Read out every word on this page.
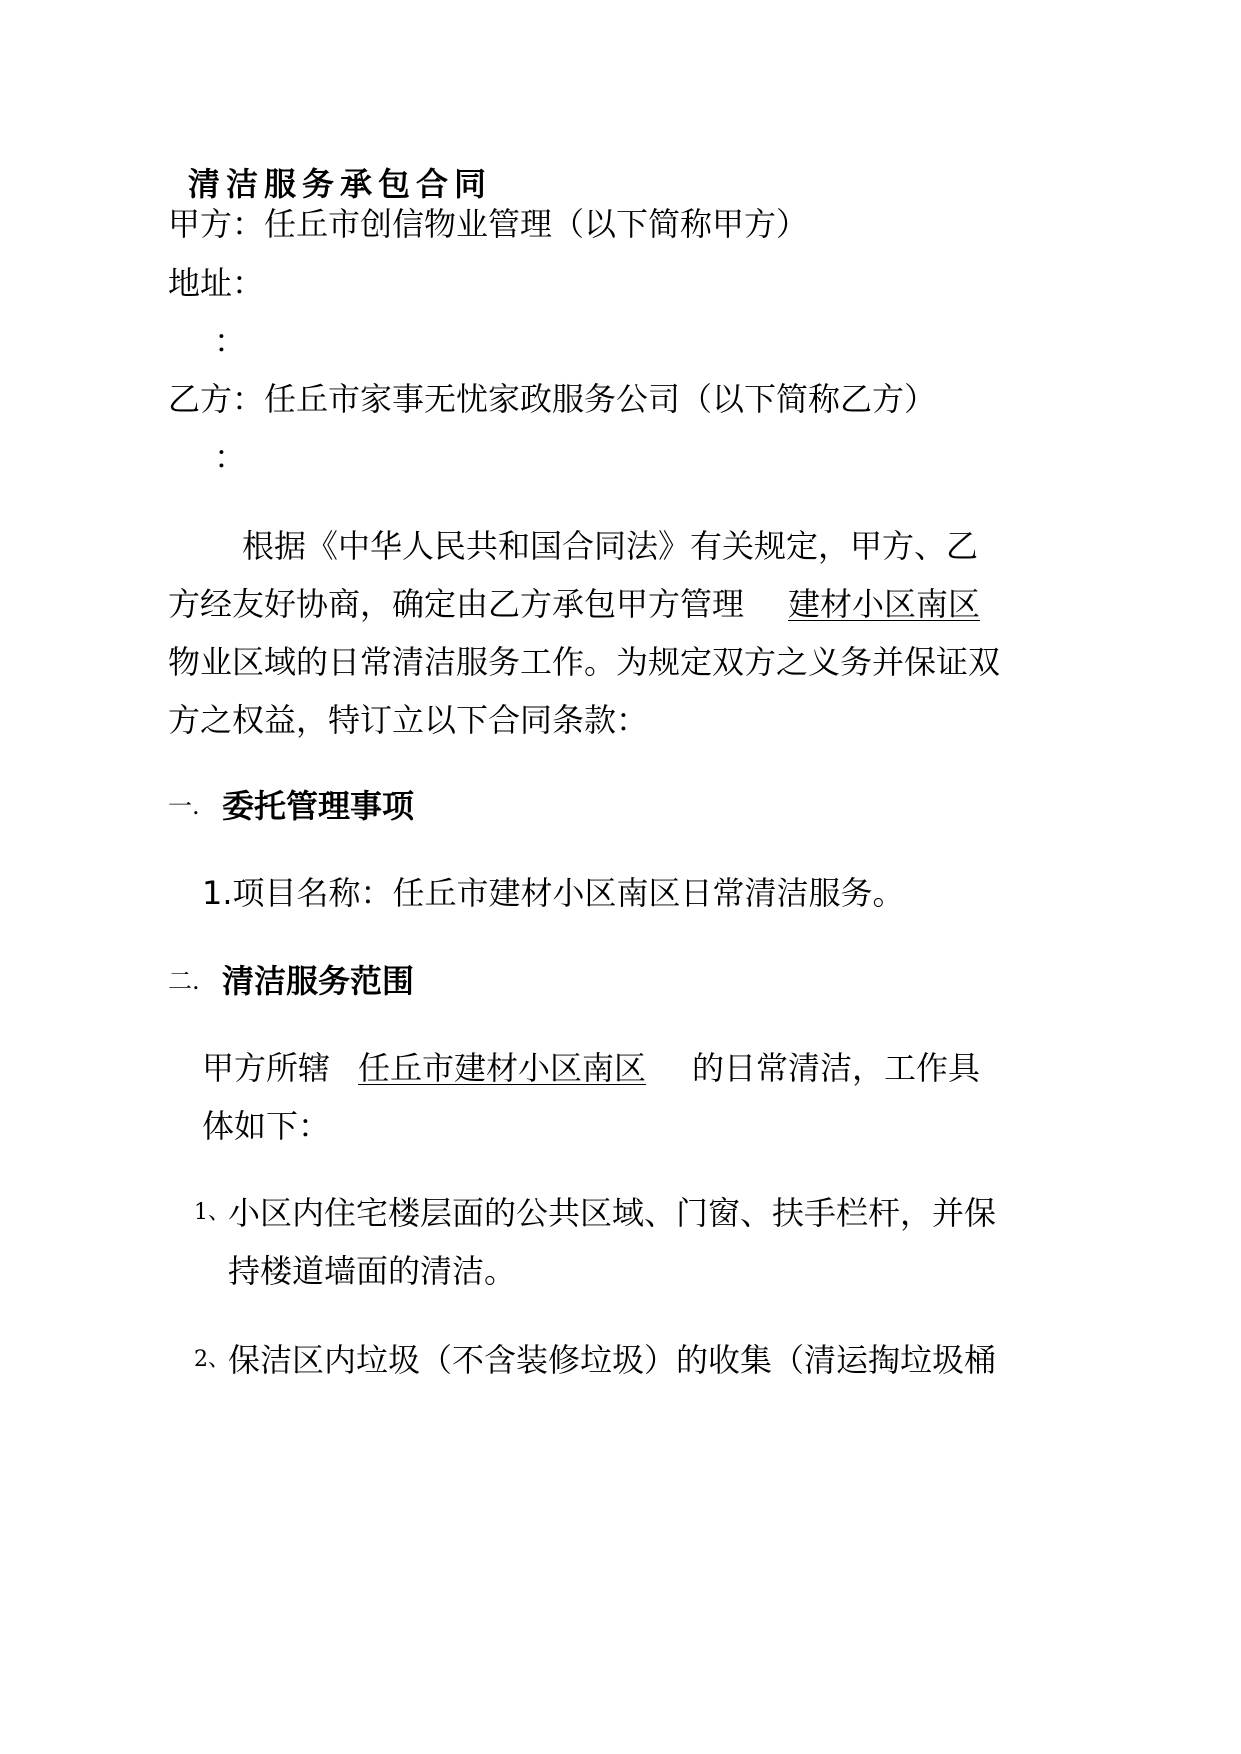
清洁服务承包合同
甲方：任丘市创信物业管理（以下简称甲方）
地址：
：
乙方：任丘市家事无忧家政服务公司（以下简称乙方）
：
根据《中华人民共和国合同法》有关规定，甲方、乙
方经友好协商，确定由乙方承包甲方管理 建材小区南区
物业区域的日常清洁服务工作。为规定双方之义务并保证双
方之权益，特订立以下合同条款：
一. 委托管理事项
1.项目名称：任丘市建材小区南区日常清洁服务。
二. 清洁服务范围
甲方所辖 任丘市建材小区南区 的日常清洁，工作具
体如下：
1、
小区内住宅楼层面的公共区域、门窗、扶手栏杆，并保
持楼道墙面的清洁。
2、
保洁区内垃圾（不含装修垃圾）的收集（清运掏垃圾桶
